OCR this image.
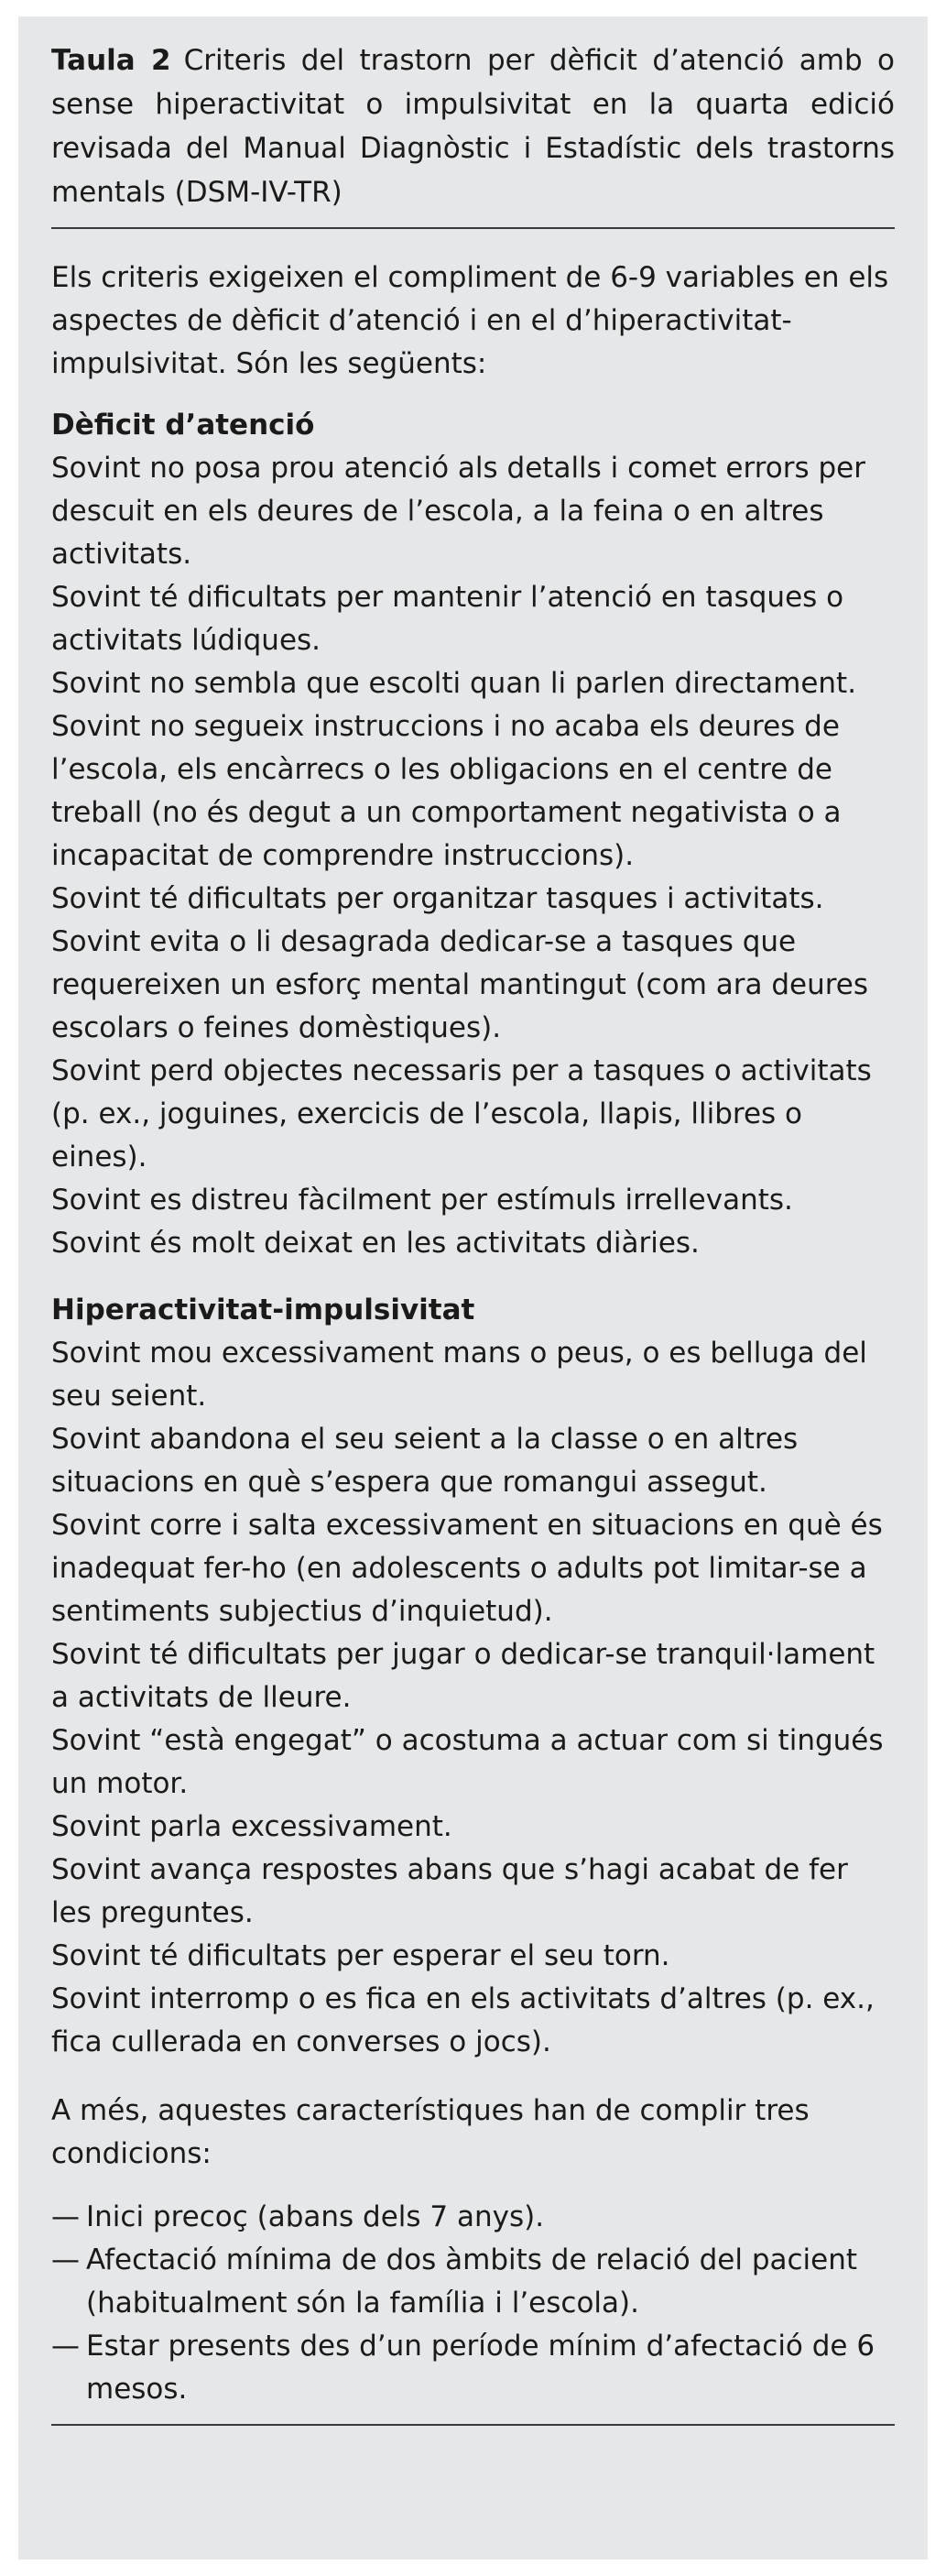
Taula 2 Criteris del trastorn per dèficit d’atenció amb o sense hiperactivitat o impulsivitat en la quarta edició revisada del Manual Diagnòstic i Estadístic dels trastorns mentals (DSM-IV-TR)

Els criteris exigeixen el compliment de 6-9 variables en els aspectes de dèficit d’atenció i en el d’hiperactivitat-impulsivitat. Són les següents:

Dèficit d’atenció

Sovint no posa prou atenció als detalls i comet errors per descuit en els deures de l’escola, a la feina o en altres activitats.

Sovint té dificultats per mantenir l’atenció en tasques o activitats lúdiques.

Sovint no sembla que escolti quan li parlen directament.

Sovint no segueix instruccions i no acaba els deures de l’escola, els encàrrecs o les obligacions en el centre de treball (no és degut a un comportament negativista o a incapacitat de comprendre instruccions).

Sovint té dificultats per organitzar tasques i activitats.

Sovint evita o li desagrada dedicar-se a tasques que requereixen un esforç mental mantingut (com ara deures escolars o feines domèstiques).

Sovint perd objectes necessaris per a tasques o activitats (p. ex., joguines, exercicis de l’escola, llapis, llibres o eines).

Sovint es distreu fàcilment per estímuls irrellevants.

Sovint és molt deixat en les activitats diàries.

Hiperactivitat-impulsivitat

Sovint mou excessivament mans o peus, o es belluga del seu seient.

Sovint abandona el seu seient a la classe o en altres situacions en què s’espera que romangui assegut.

Sovint corre i salta excessivament en situacions en què és inadequat fer-ho (en adolescents o adults pot limitar-se a sentiments subjectius d’inquietud).

Sovint té dificultats per jugar o dedicar-se tranquil·lament a activitats de lleure.

Sovint “està engegat” o acostuma a actuar com si tingués un motor.

Sovint parla excessivament.

Sovint avança respostes abans que s’hagi acabat de fer les preguntes.

Sovint té dificultats per esperar el seu torn.

Sovint interromp o es fica en els activitats d’altres (p. ex., fica cullerada en converses o jocs).

A més, aquestes característiques han de complir tres condicions:

— Inici precoç (abans dels 7 anys).
— Afectació mínima de dos àmbits de relació del pacient (habitualment són la família i l’escola).
— Estar presents des d’un període mínim d’afectació de 6 mesos.
